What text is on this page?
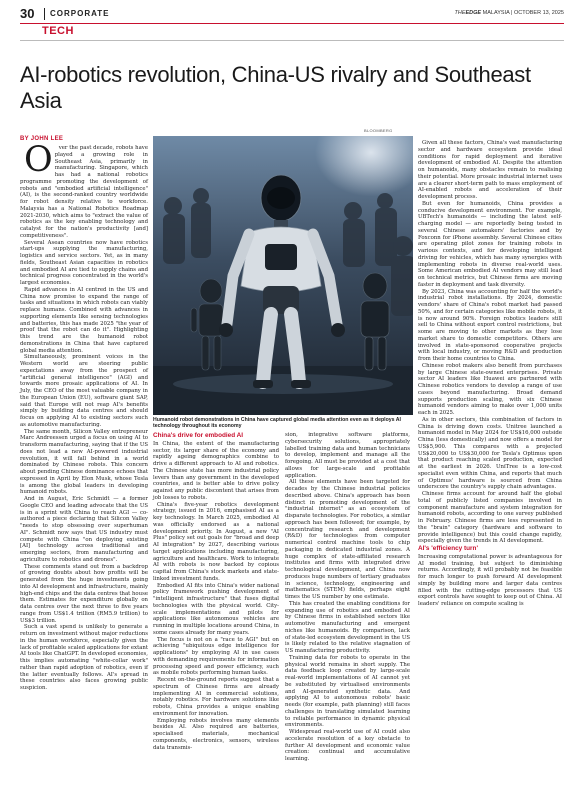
30 CORPORATE	THEEDGE MALAYSIA | OCTOBER 13, 2025
TECH
AI-robotics revolution, China-US rivalry and Southeast Asia
BY JOHN LEE

O	ver the past decade, robots have played a growing role in Southeast Asia, primarily in manufacturing. Singapore, which has had a national robotics programme promoting the development of robots and "embodied artificial intelligence" (AI), is the second-ranked country worldwide for robot density relative to workforce. Malaysia has a National Robotics Roadmap 2021-2030, which aims to "extract the value of robotics as the key enabling technology and catalyst for the nation's productivity [and] competitiveness".

Several Asean countries now have robotics start-ups supplying the manufacturing, logistics and service sectors. Yet, as in many fields, Southeast Asian capacities in robotics and embodied AI are tied to supply chains and technical progress concentrated in the world's largest economies.

Rapid advances in AI centred in the US and China now promise to expand the range of tasks and situations in which robots can viably replace humans. Combined with advances in supporting elements like sensing technologies and batteries, this has made 2025 "the year of proof that the robot can do it". Highlighting this trend are the humanoid robot demonstrations in China that have captured global media attention.

Simultaneously, prominent voices in the Western world are steering public expectations away from the prospect of "artificial general intelligence" (AGI) and towards more prosaic applications of AI. In July, the CEO of the most valuable company in the European Union (EU), software giant SAP, said that Europe will not reap AI's benefits simply by building data centres and should focus on applying AI to existing sectors such as automotive manufacturing.

The same month, Silicon Valley entrepreneur Marc Andreessen urged a focus on using AI to transform manufacturing, saying that if the US does not lead a new AI-powered industrial revolution, it will fall behind in a world dominated by Chinese robots. This concern about pending Chinese dominance echoes that expressed in April by Elon Musk, whose Tesla is among the global leaders in developing humanoid robots.

And in August, Eric Schmidt — a former Google CEO and leading advocate that the US is in a sprint with China to reach AGI — co-authored a piece declaring that Silicon Valley "needs to stop obsessing over superhuman AI". Schmidt now says that US industry must compete with China "on deploying existing [AI] technology across traditional and emerging sectors, from manufacturing and agriculture to robotics and drones".

These comments stand out from a backdrop of growing doubts about how profits will be generated from the huge investments going into AI development and infrastructure, mainly high-end chips and the data centres that house them. Estimates for expenditure globally on data centres over the next three to five years range from US$1.4 trillion (RM5.9 trillion) to US$3 trillion.

Such a vast spend is unlikely to generate a return on investment without major reductions in the human workforce, especially given the lack of profitable scaled applications for extant AI tools like ChatGPT. In developed economies, this implies automating "white-collar work" rather than rapid adoption of robotics, even if the latter eventually follows. AI's spread in these countries also faces growing public suspicion.

BLOOMBERG
Humanoid robot demonstrations in China have captured global media attention even as it deploys AI technology throughout its economy
China's drive for embodied AI

In China, the extent of the manufacturing sector, its larger share of the economy and rapidly ageing demographics combine to drive a different approach to AI and robotics. The Chinese state has more industrial policy levers than any government in the developed countries, and is better able to drive policy against any public discontent that arises from job losses to robots.

China's five-year robotics development strategy, issued in 2016, emphasised AI as a key technology. In March 2025, embodied AI was officially endorsed as a national development priority. In August, a new "AI Plus" policy set out goals for "broad and deep AI integration" by 2027, describing various target applications including manufacturing, agriculture and healthcare. Work to integrate AI with robots is now backed by copious capital from China's stock markets and state-linked investment funds.

Embodied AI fits into China's wider national policy framework pushing development of "intelligent infrastructure" that fuses digital technologies with the physical world. City-scale implementations and pilots for applications like autonomous vehicles are running in multiple locations around China, in some cases already for many years.

The focus is not on a "race to AGI" but on achieving "ubiquitous edge intelligence for applications" by employing AI in use cases with demanding requirements for information processing speed and power efficiency, such as mobile robots performing human tasks.

Recent on-the-ground reports suggest that a spectrum of Chinese firms are already implementing AI in commercial solutions, notably robotics. For hardware solutions like robots, China provides a unique enabling environment for innovation.

Employing robots involves many elements besides AI. Also required are batteries, specialised materials, mechanical components, electronics, sensors, wireless data transmis-

sion, integrative software platforms, cybersecurity solutions, appropriately labelled training data and human technicians to develop, implement and manage all the foregoing. All must be provided at a cost that allows for large-scale and profitable application.

All these elements have been targeted for decades by the Chinese industrial policies described above. China's approach has been distinct in promoting development of the "industrial internet" as an ecosystem of disparate technologies. For robotics, a similar approach has been followed; for example, by concentrating research and development (R&D) for technologies from computer numerical control machine tools to chip packaging in dedicated industrial zones. A huge complex of state-affiliated research institutes and firms with integrated drive technological development, and China now produces huge numbers of tertiary graduates in science, technology, engineering and mathematics (STEM) fields, perhaps eight times the US number by one estimate.

This has created the enabling conditions for expanding use of robotics and embodied AI by Chinese firms in established sectors like automotive manufacturing and emergent niches like humanoids. By comparison, lack of state-led ecosystem development in the US is likely related to the relative stagnation of US manufacturing productivity.

Training data for robots to operate in the physical world remains in short supply. The data feedback loop created by large-scale real-world implementations of AI cannot yet be substituted by virtualised environments and AI-generated synthetic data. And applying AI to autonomous robots' basic needs (for example, path planning) still faces challenges in translating simulated learning to reliable performance in dynamic physical environments.

Widespread real-world use of AI could also accelerate resolution of a key obstacle to further AI development and economic value creation: continual and accumulative learning.

Given all these factors, China's vast manufacturing sector and hardware ecosystem provide ideal conditions for rapid deployment and iterative development of embodied AI. Despite the attention on humanoids, many obstacles remain to realising their potential. More prosaic industrial internet uses are a clearer short-term path to mass employment of AI-enabled robots and acceleration of their development process.

But even for humanoids, China provides a conducive development environment. For example, UBTech's humanoids — including the latest self-charging model — are reportedly being tested in several Chinese automakers' factories and by Foxconn for iPhone assembly. Several Chinese cities are operating pilot zones for training robots in various contexts, and for developing intelligent driving for vehicles, which has many synergies with implementing robots in diverse real-world uses. Some American embodied AI vendors may still lead on technical metrics, but Chinese firms are moving faster in deployment and task diversity.

By 2023, China was accounting for half the world's industrial robot installations. By 2024, domestic vendors' share of China's robot market had passed 50%, and for certain categories like mobile robots, it is now around 90%. Foreign robotics leaders still sell to China without export control restrictions, but some are moving to other markets as they lose market share to domestic competitors. Others are involved in state-sponsored cooperative projects with local industry, or moving R&D and production from their home countries to China.

Chinese robot makers also benefit from purchases by large Chinese state-owned enterprises. Private sector AI leaders like Huawei are partnered with Chinese robotics vendors to develop a range of use cases beyond manufacturing. Broad demand supports production scaling, with six Chinese humanoid vendors aiming to make over 1,000 units each in 2025.

As in other sectors, this combination of factors in China is driving down costs. Unitree launched a humanoid model in May 2024 for US$16,000 outside China (less domestically) and now offers a model for US$5,900. This compares with a projected US$20,000 to US$30,000 for Tesla's Optimus upon that product reaching scaled production, expected at the earliest in 2026. UniTree is a low-cost specialist even within China, and reports that much of Optimus' hardware is sourced from China underscore the country's supply chain advantages.

Chinese firms account for around half the global total of publicly listed companies involved in component manufacture and system integration for humanoid robots, according to one survey published in February. Chinese firms are less represented in the "brain" category (hardware and software to provide intelligence) but this could change rapidly, especially given the trends in AI development.

AI's 'efficiency turn'

Increasing computational power is advantageous for AI model training, but subject to diminishing returns. Accordingly, it will probably not be feasible for much longer to push forward AI development simply by building more and larger data centres filled with the cutting-edge processors that US export controls have sought to keep out of China. AI leaders' reliance on compute scaling is
